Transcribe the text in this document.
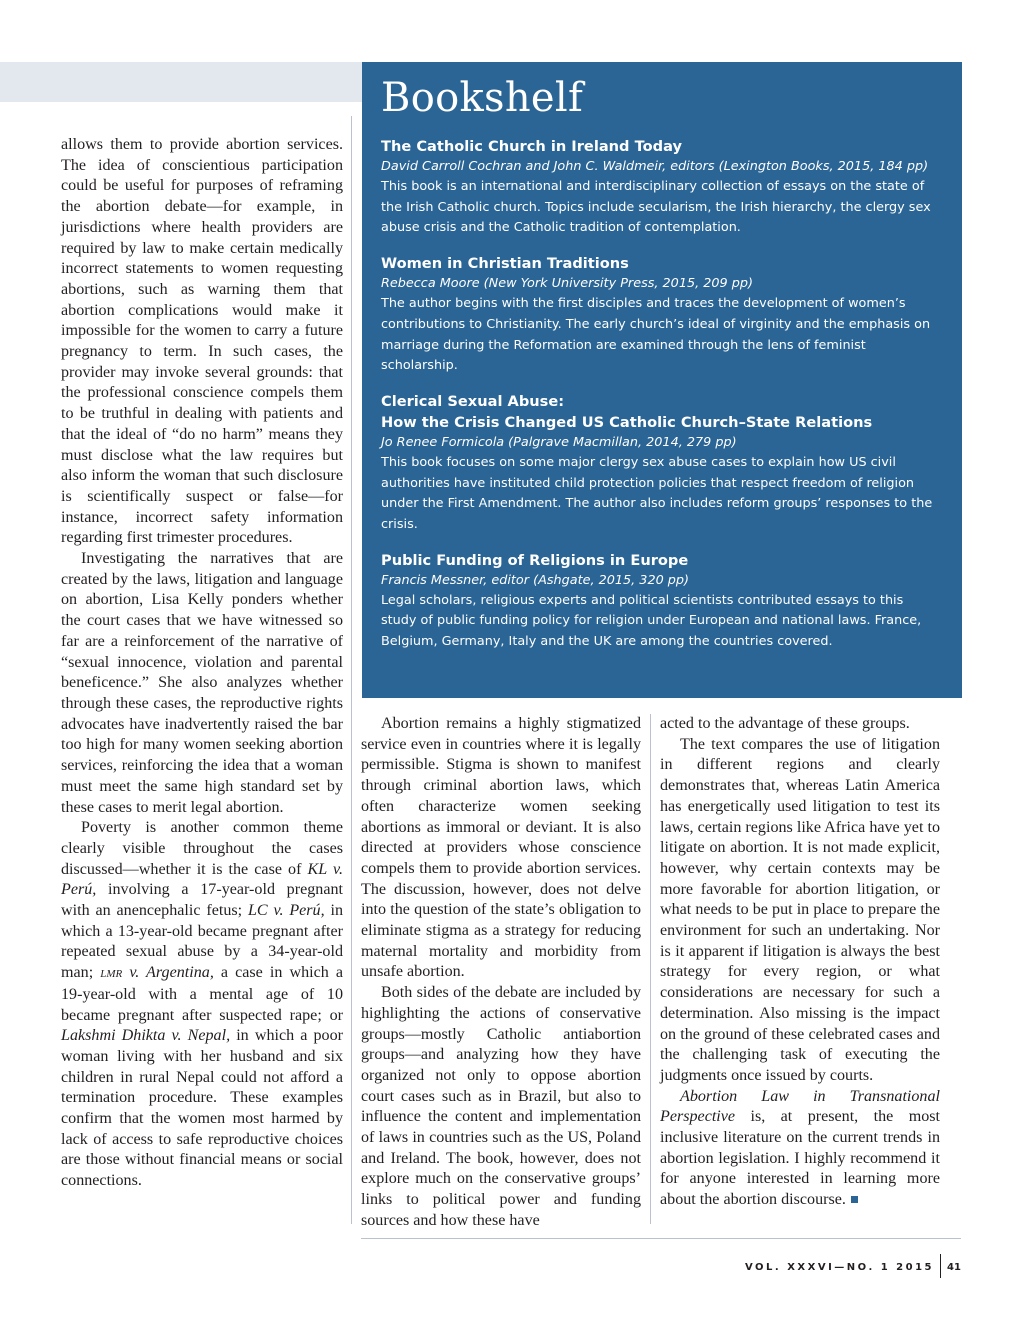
Bookshelf
The Catholic Church in Ireland Today
David Carroll Cochran and John C. Waldmeir, editors (Lexington Books, 2015, 184 pp)
This book is an international and interdisciplinary collection of essays on the state of the Irish Catholic church. Topics include secularism, the Irish hierarchy, the clergy sex abuse crisis and the Catholic tradition of contemplation.
Women in Christian Traditions
Rebecca Moore (New York University Press, 2015, 209 pp)
The author begins with the first disciples and traces the development of women’s contributions to Christianity. The early church’s ideal of virginity and the emphasis on marriage during the Reformation are examined through the lens of feminist scholarship.
Clerical Sexual Abuse:
How the Crisis Changed US Catholic Church–State Relations
Jo Renee Formicola (Palgrave Macmillan, 2014, 279 pp)
This book focuses on some major clergy sex abuse cases to explain how US civil authorities have instituted child protection policies that respect freedom of religion under the First Amendment. The author also includes reform groups’ responses to the crisis.
Public Funding of Religions in Europe
Francis Messner, editor (Ashgate, 2015, 320 pp)
Legal scholars, religious experts and political scientists contributed essays to this study of public funding policy for religion under European and national laws. France, Belgium, Germany, Italy and the UK are among the countries covered.

allows them to provide abortion services. The idea of conscientious participation could be useful for purposes of reframing the abortion debate—for example, in jurisdictions where health providers are required by law to make certain medically incorrect statements to women requesting abortions, such as warning them that abortion complications would make it impossible for the women to carry a future pregnancy to term. In such cases, the provider may invoke several grounds: that the professional conscience compels them to be truthful in dealing with patients and that the ideal of “do no harm” means they must disclose what the law requires but also inform the woman that such disclosure is scientifically suspect or false—for instance, incorrect safety information regarding first trimester procedures.

Investigating the narratives that are created by the laws, litigation and language on abortion, Lisa Kelly ponders whether the court cases that we have witnessed so far are a reinforcement of the narrative of “sexual innocence, violation and parental beneficence.” She also analyzes whether through these cases, the reproductive rights advocates have inadvertently raised the bar too high for many women seeking abortion services, reinforcing the idea that a woman must meet the same high standard set by these cases to merit legal abortion.

Poverty is another common theme clearly visible throughout the cases discussed—whether it is the case of KL v. Perú, involving a 17-year-old pregnant with an anencephalic fetus; LC v. Perú, in which a 13-year-old became pregnant after repeated sexual abuse by a 34-year-old man; LMR v. Argentina, a case in which a 19-year-old with a mental age of 10 became pregnant after suspected rape; or Lakshmi Dhikta v. Nepal, in which a poor woman living with her husband and six children in rural Nepal could not afford a termination procedure. These examples confirm that the women most harmed by lack of access to safe reproductive choices are those without financial means or social connections.

Abortion remains a highly stigmatized service even in countries where it is legally permissible. Stigma is shown to manifest through criminal abortion laws, which often characterize women seeking abortions as immoral or deviant. It is also directed at providers whose conscience compels them to provide abortion services. The discussion, however, does not delve into the question of the state’s obligation to eliminate stigma as a strategy for reducing maternal mortality and morbidity from unsafe abortion.

Both sides of the debate are included by highlighting the actions of conservative groups—mostly Catholic antiabortion groups—and analyzing how they have organized not only to oppose abortion court cases such as in Brazil, but also to influence the content and implementation of laws in countries such as the US, Poland and Ireland. The book, however, does not explore much on the conservative groups’ links to political power and funding sources and how these have

acted to the advantage of these groups.

The text compares the use of litigation in different regions and clearly demonstrates that, whereas Latin America has energetically used litigation to test its laws, certain regions like Africa have yet to litigate on abortion. It is not made explicit, however, why certain contexts may be more favorable for abortion litigation, or what needs to be put in place to prepare the environment for such an undertaking. Nor is it apparent if litigation is always the best strategy for every region, or what considerations are necessary for such a determination. Also missing is the impact on the ground of these celebrated cases and the challenging task of executing the judgments once issued by courts.

Abortion Law in Transnational Perspective is, at present, the most inclusive literature on the current trends in abortion legislation. I highly recommend it for anyone interested in learning more about the abortion discourse.

VOL. XXXVI—NO. 1 2015 41
